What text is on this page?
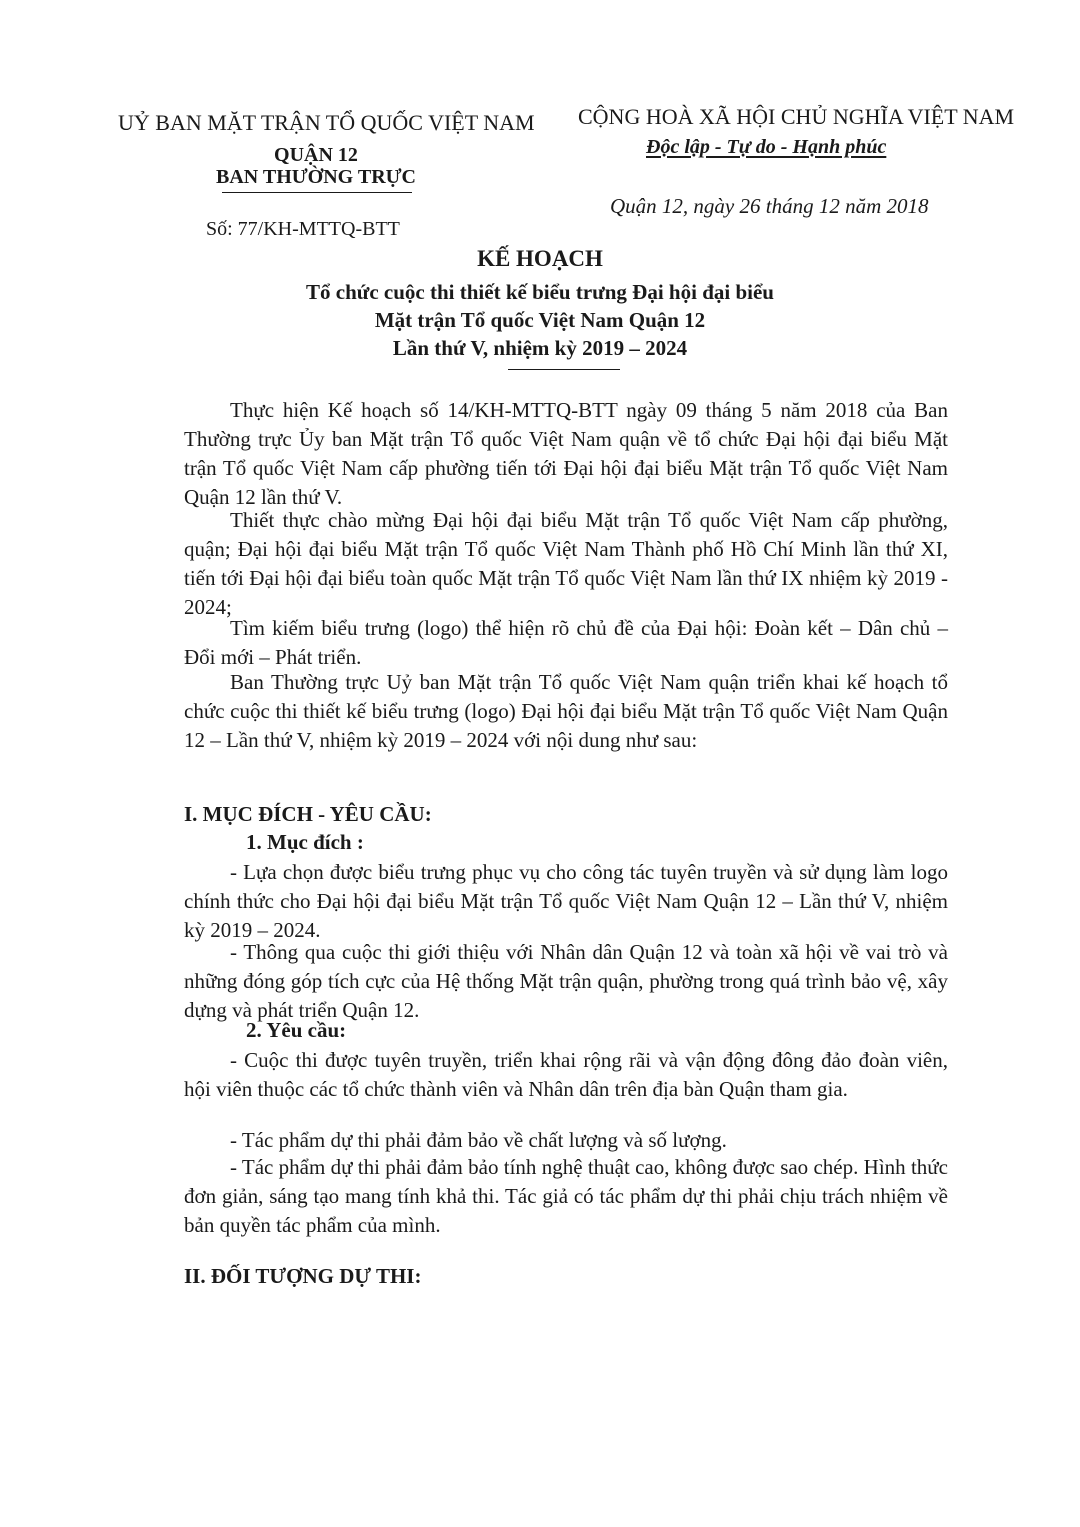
UỶ BAN MẶT TRẬN TỔ QUỐC VIỆT NAM
QUẬN 12
BAN THƯỜNG TRỰC
Số: 77/KH-MTTQ-BTT
CỘNG HOÀ XÃ HỘI CHỦ NGHĨA VIỆT NAM
Độc lập - Tự do - Hạnh phúc
Quận 12, ngày 26 tháng 12 năm 2018
KẾ HOẠCH
Tổ chức cuộc thi thiết kế biểu trưng Đại hội đại biểu
Mặt trận Tổ quốc Việt Nam Quận 12
Lần thứ V, nhiệm kỳ 2019 – 2024

Thực hiện Kế hoạch số 14/KH-MTTQ-BTT ngày 09 tháng 5 năm 2018 của Ban Thường trực Ủy ban Mặt trận Tổ quốc Việt Nam quận về tổ chức Đại hội đại biểu Mặt trận Tổ quốc Việt Nam cấp phường tiến tới Đại hội đại biểu Mặt trận Tổ quốc Việt Nam Quận 12 lần thứ V.

Thiết thực chào mừng Đại hội đại biểu Mặt trận Tổ quốc Việt Nam cấp phường, quận; Đại hội đại biểu Mặt trận Tổ quốc Việt Nam Thành phố Hồ Chí Minh lần thứ XI, tiến tới Đại hội đại biểu toàn quốc Mặt trận Tổ quốc Việt Nam lần thứ IX nhiệm kỳ 2019 - 2024;

Tìm kiếm biểu trưng (logo) thể hiện rõ chủ đề của Đại hội: Đoàn kết – Dân chủ – Đổi mới – Phát triển.

Ban Thường trực Uỷ ban Mặt trận Tổ quốc Việt Nam quận triển khai kế hoạch tổ chức cuộc thi thiết kế biểu trưng (logo) Đại hội đại biểu Mặt trận Tổ quốc Việt Nam Quận 12 – Lần thứ V, nhiệm kỳ 2019 – 2024 với nội dung như sau:

I. MỤC ĐÍCH - YÊU CẦU:
1. Mục đích :

- Lựa chọn được biểu trưng phục vụ cho công tác tuyên truyền và sử dụng làm logo chính thức cho Đại hội đại biểu Mặt trận Tổ quốc Việt Nam Quận 12 – Lần thứ V, nhiệm kỳ 2019 – 2024.

- Thông qua cuộc thi giới thiệu với Nhân dân Quận 12 và toàn xã hội về vai trò và những đóng góp tích cực của Hệ thống Mặt trận quận, phường trong quá trình bảo vệ, xây dựng và phát triển Quận 12.

2. Yêu cầu:

- Cuộc thi được tuyên truyền, triển khai rộng rãi và vận động đông đảo đoàn viên, hội viên thuộc các tổ chức thành viên và Nhân dân trên địa bàn Quận tham gia.

- Tác phẩm dự thi phải đảm bảo về chất lượng và số lượng.

- Tác phẩm dự thi phải đảm bảo tính nghệ thuật cao, không được sao chép. Hình thức đơn giản, sáng tạo mang tính khả thi. Tác giả có tác phẩm dự thi phải chịu trách nhiệm về bản quyền tác phẩm của mình.

II. ĐỐI TƯỢNG DỰ THI:
